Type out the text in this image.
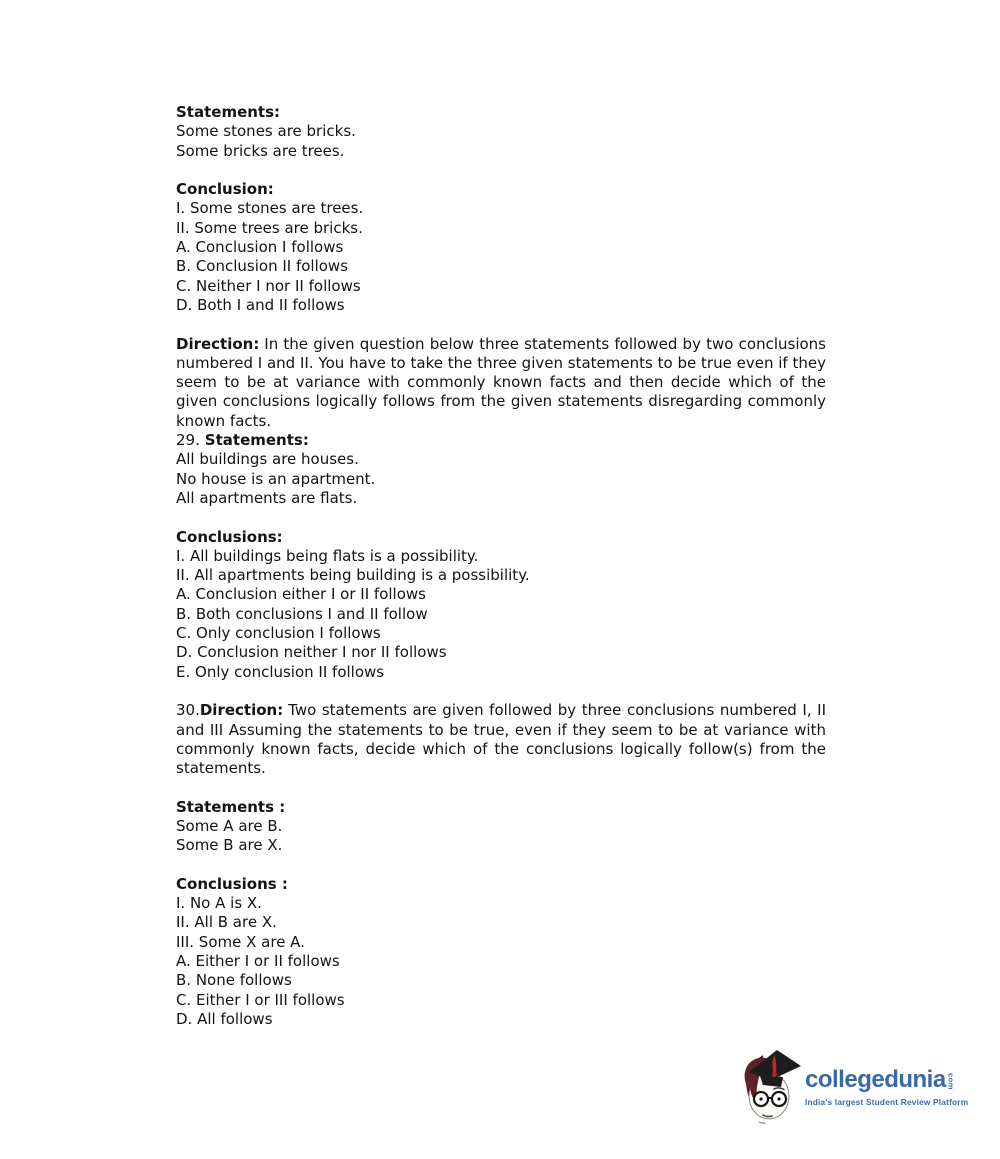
Statements:
Some stones are bricks.
Some bricks are trees.
Conclusion:
I. Some stones are trees.
II. Some trees are bricks.
A. Conclusion I follows
B. Conclusion II follows
C. Neither I nor II follows
D. Both I and II follows

Direction: In the given question below three statements followed by two conclusions numbered I and II. You have to take the three given statements to be true even if they seem to be at variance with commonly known facts and then decide which of the given conclusions logically follows from the given statements disregarding commonly known facts.

29. Statements:
All buildings are houses.
No house is an apartment.
All apartments are flats.
Conclusions:
I. All buildings being flats is a possibility.
II. All apartments being building is a possibility.
A. Conclusion either I or II follows
B. Both conclusions I and II follow
C. Only conclusion I follows
D. Conclusion neither I nor II follows
E. Only conclusion II follows

30.Direction: Two statements are given followed by three conclusions numbered I, II and III Assuming the statements to be true, even if they seem to be at variance with commonly known facts, decide which of the conclusions logically follow(s) from the statements.

Statements :
Some A are B.
Some B are X.
Conclusions :
I. No A is X.
II. All B are X.
III. Some X are A.
A. Either I or II follows
B. None follows
C. Either I or III follows
D. All follows
collegedunia com
India's largest Student Review Platform
